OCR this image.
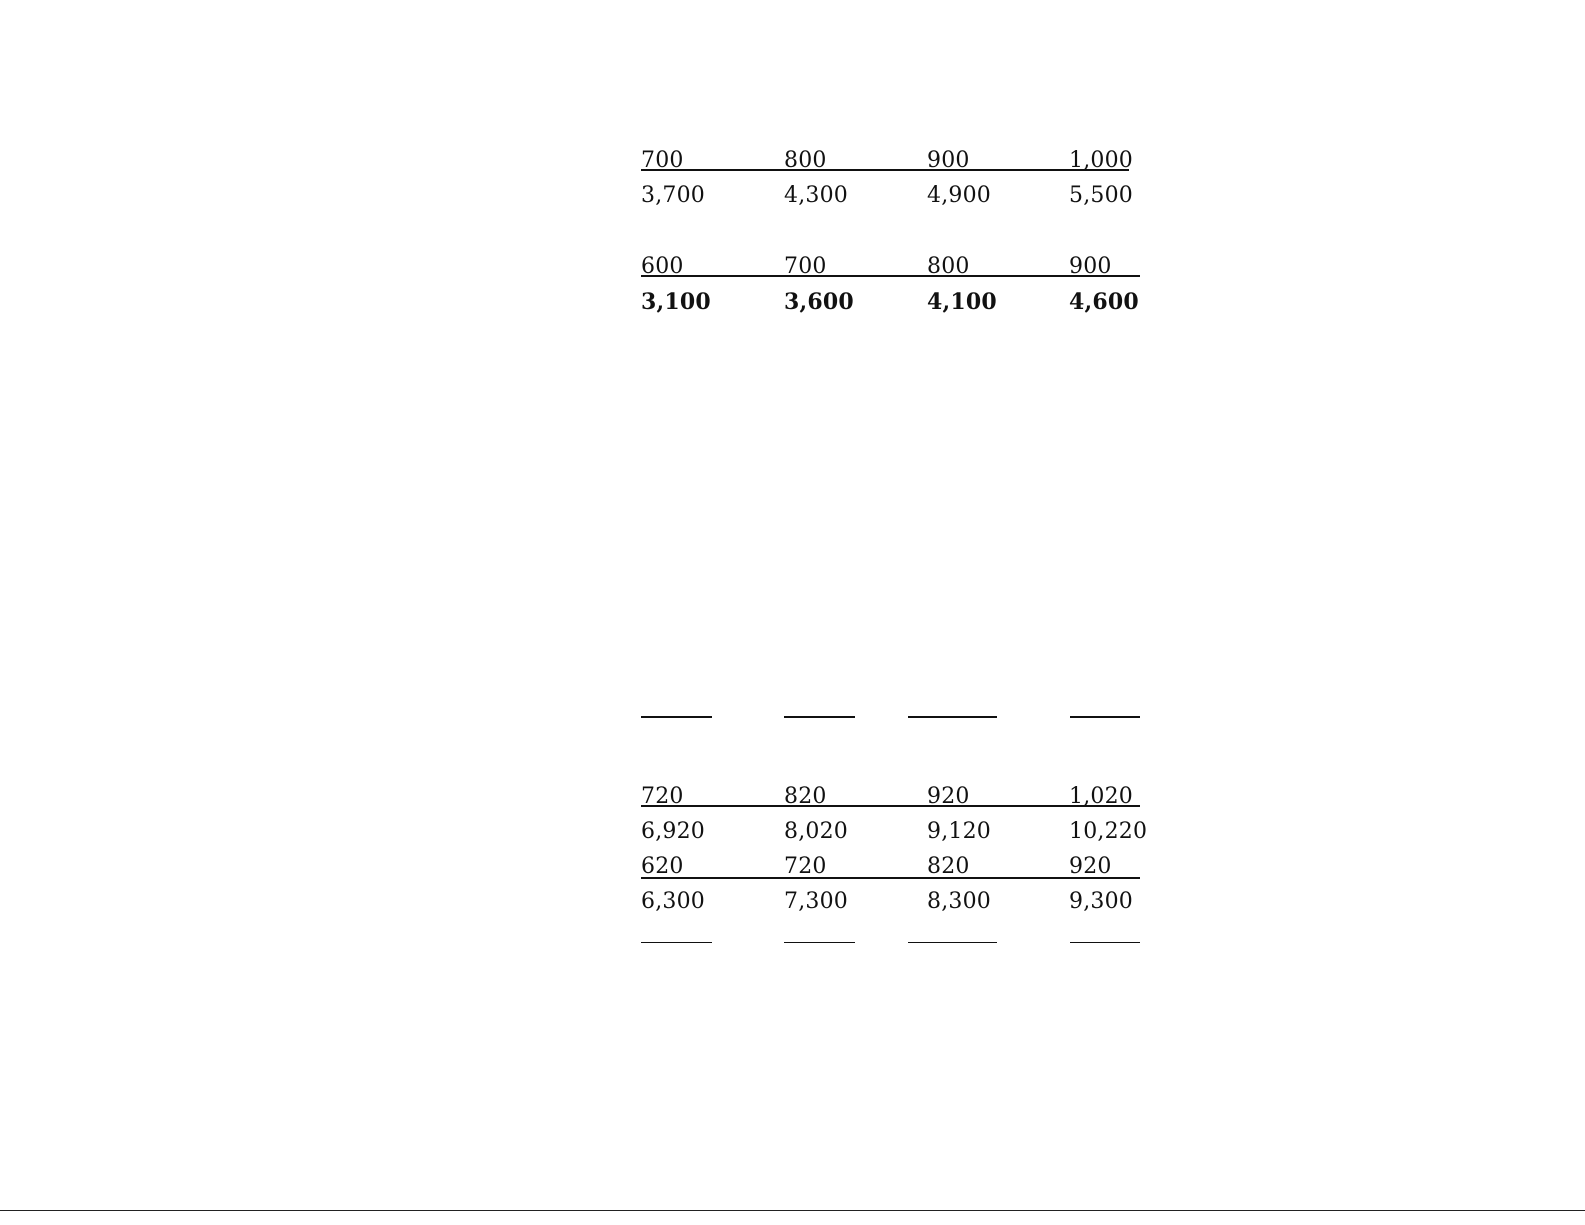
700	800	900	1,000
3,700	4,300	4,900	5,500
600	700	800	900
3,100	3,600	4,100	4,600
720	820	920	1,020
6,920	8,020	9,120	10,220
620	720	820	920
6,300	7,300	8,300	9,300
